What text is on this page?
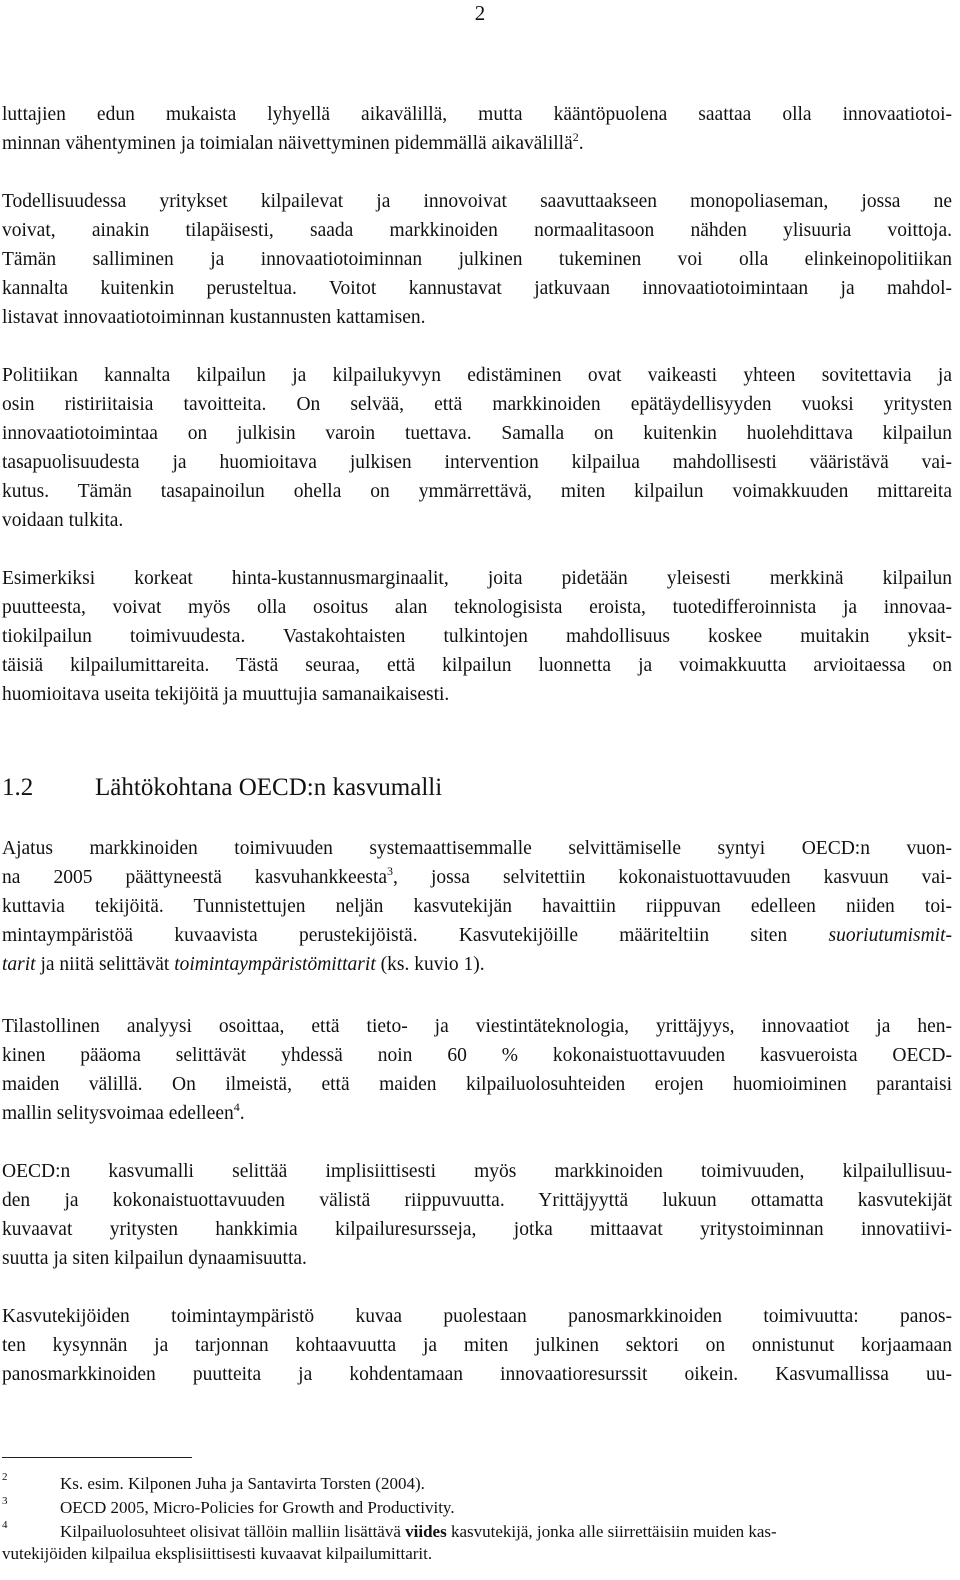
2
luttajien edun mukaista lyhyellä aikavälillä, mutta kääntöpuolena saattaa olla innovaatiotoi-
minnan vähentyminen ja toimialan näivettyminen pidemmällä aikavälillä$^2$.
Todellisuudessa yritykset kilpailevat ja innovoivat saavuttaakseen monopoliaseman, jossa ne
voivat, ainakin tilapäisesti, saada markkinoiden normaalitasoon nähden ylisuuria voittoja.
Tämän salliminen ja innovaatiotoiminnan julkinen tukeminen voi olla elinkeinopolitiikan
kannalta kuitenkin perusteltua. Voitot kannustavat jatkuvaan innovaatiotoimintaan ja mahdol-
listavat innovaatiotoiminnan kustannusten kattamisen.
Politiikan kannalta kilpailun ja kilpailukyvyn edistäminen ovat vaikeasti yhteen sovitettavia ja
osin ristiriitaisia tavoitteita. On selvää, että markkinoiden epätäydellisyyden vuoksi yritysten
innovaatiotoimintaa on julkisin varoin tuettava. Samalla on kuitenkin huolehdittava kilpailun
tasapuolisuudesta ja huomioitava julkisen intervention kilpailua mahdollisesti vääristävä vai-
kutus. Tämän tasapainoilun ohella on ymmärrettävä, miten kilpailun voimakkuuden mittareita
voidaan tulkita.
Esimerkiksi korkeat hinta-kustannusmarginaalit, joita pidetään yleisesti merkkinä kilpailun
puutteesta, voivat myös olla osoitus alan teknologisista eroista, tuotedifferoinnista ja innovaa-
tiokilpailun toimivuudesta. Vastakohtaisten tulkintojen mahdollisuus koskee muitakin yksit-
täisiä kilpailumittareita. Tästä seuraa, että kilpailun luonnetta ja voimakkuutta arvioitaessa on
huomioitava useita tekijöitä ja muuttujia samanaikaisesti.
1.2 Lähtökohtana OECD:n kasvumalli
Ajatus markkinoiden toimivuuden systemaattisemmalle selvittämiselle syntyi OECD:n vuon-
na 2005 päättyneestä kasvuhankkeesta$^3$, jossa selvitettiin kokonaistuottavuuden kasvuun vai-
kuttavia tekijöitä. Tunnistettujen neljän kasvutekijän havaittiin riippuvan edelleen niiden toi-
mintaympäristöä kuvaavista perustekijöistä. Kasvutekijöille määriteltiin siten suoriutumismit-
tarit ja niitä selittävät toimintaympäristömittarit (ks. kuvio 1).
Tilastollinen analyysi osoittaa, että tieto- ja viestintäteknologia, yrittäjyys, innovaatiot ja hen-
kinen pääoma selittävät yhdessä noin 60 % kokonaistuottavuuden kasvueroista OECD-
maiden välillä. On ilmeistä, että maiden kilpailuolosuhteiden erojen huomioiminen parantaisi
mallin selitysvoimaa edelleen$^4$.
OECD:n kasvumalli selittää implisiittisesti myös markkinoiden toimivuuden, kilpailullisuu-
den ja kokonaistuottavuuden välistä riippuvuutta. Yrittäjyyttä lukuun ottamatta kasvutekijät
kuvaavat yritysten hankkimia kilpailuresursseja, jotka mittaavat yritystoiminnan innovatiivi-
suutta ja siten kilpailun dynaamisuutta.
Kasvutekijöiden toimintaympäristö kuvaa puolestaan panosmarkkinoiden toimivuutta: panos-
ten kysynnän ja tarjonnan kohtaavuutta ja miten julkinen sektori on onnistunut korjaamaan
panosmarkkinoiden puutteita ja kohdentamaan innovaatioresurssit oikein. Kasvumallissa uu-
2	Ks. esim. Kilponen Juha ja Santavirta Torsten (2004).
3	OECD 2005, Micro-Policies for Growth and Productivity.
4	Kilpailuolosuhteet olisivat tällöin malliin lisättävä viides kasvutekijä, jonka alle siirrettäisiin muiden kas-
vutekijöiden kilpailua eksplisiittisesti kuvaavat kilpailumittarit.
